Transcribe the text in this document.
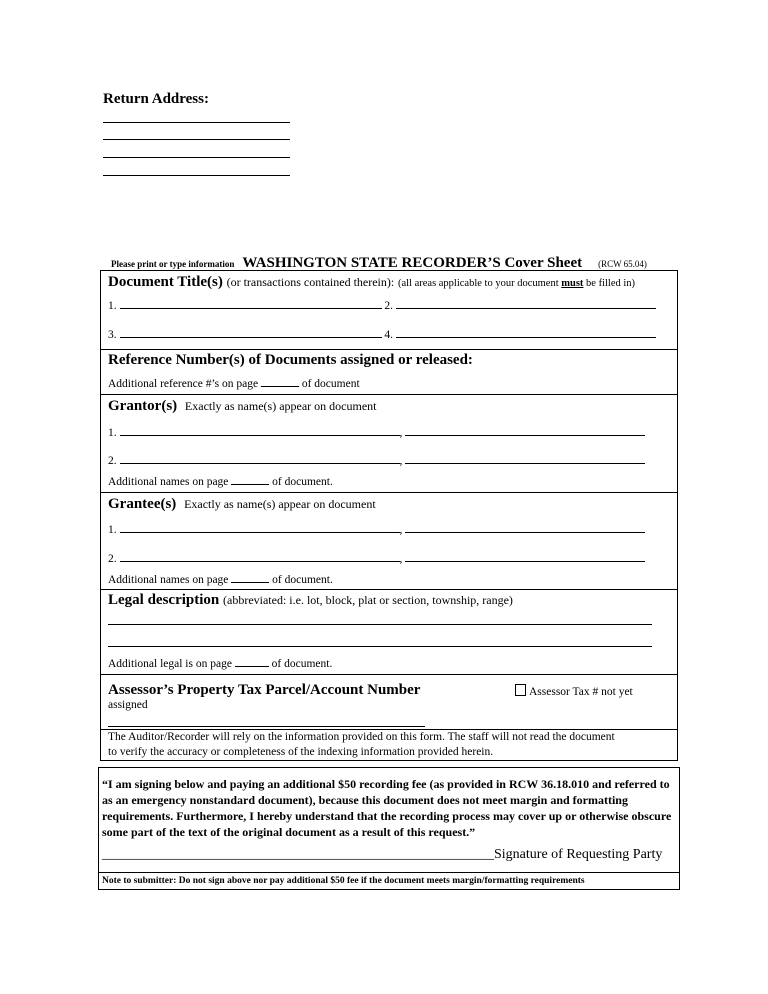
Return Address:
Please print or type information WASHINGTON STATE RECORDER’S Cover Sheet (RCW 65.04)
Document Title(s) (or transactions contained therein): (all areas applicable to your document must be filled in)
1.	2.
3.	4.
Reference Number(s) of Documents assigned or released:
Additional reference #’s on page	of document
Grantor(s) Exactly as name(s) appear on document
1.	,
2.	,
Additional names on page	of document.
Grantee(s) Exactly as name(s) appear on document
1.	,
2.	,
Additional names on page	of document.
Legal description (abbreviated: i.e. lot, block, plat or section, township, range)
Additional legal is on page	of document.
Assessor’s Property Tax Parcel/Account Number	Assessor Tax # not yet
assigned
The Auditor/Recorder will rely on the information provided on this form. The staff will not read the document
to verify the accuracy or completeness of the indexing information provided herein.
“I am signing below and paying an additional $50 recording fee (as provided in RCW 36.18.010 and referred to as an emergency nonstandard document), because this document does not meet margin and formatting requirements. Furthermore, I hereby understand that the recording process may cover up or otherwise obscure some part of the text of the original document as a result of this request.”
________________________________________________________Signature of Requesting Party
Note to submitter: Do not sign above nor pay additional $50 fee if the document meets margin/formatting requirements
